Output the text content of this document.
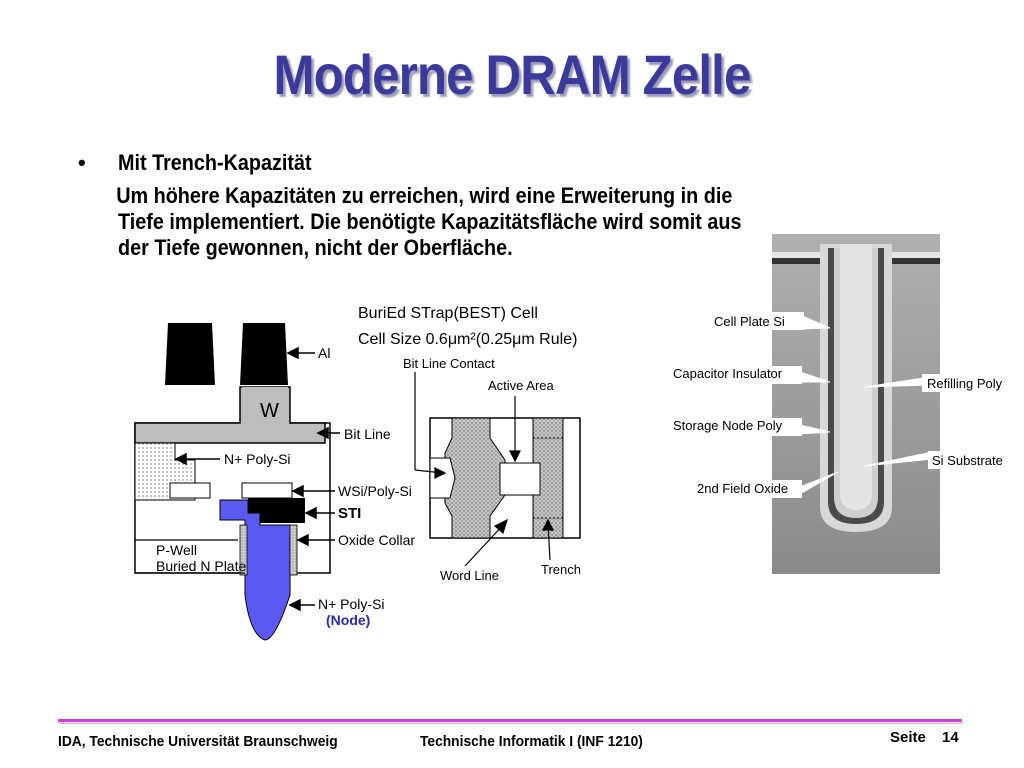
Moderne DRAM Zelle
• Mit Trench-Kapazität
Um höhere Kapazitäten zu erreichen, wird eine Erweiterung in die
Tiefe implementiert. Die benötigte Kapazitätsfläche wird somit aus
der Tiefe gewonnen, nicht der Oberfläche.
Al
W
Bit Line
N+ Poly-Si
WSi/Poly-Si
STI
Oxide Collar
P-Well
Buried N Plate
N+ Poly-Si
(Node)
BuriEd STrap(BEST) Cell
Cell Size 0.6μm²(0.25μm Rule)
Bit Line Contact
Active Area
Word Line	Trench
Cell Plate Si
Capacitor Insulator
Storage Node Poly
2nd Field Oxide
Refilling Poly
Si Substrate
IDA, Technische Universität Braunschweig	Technische Informatik I (INF 1210)	Seite 14
